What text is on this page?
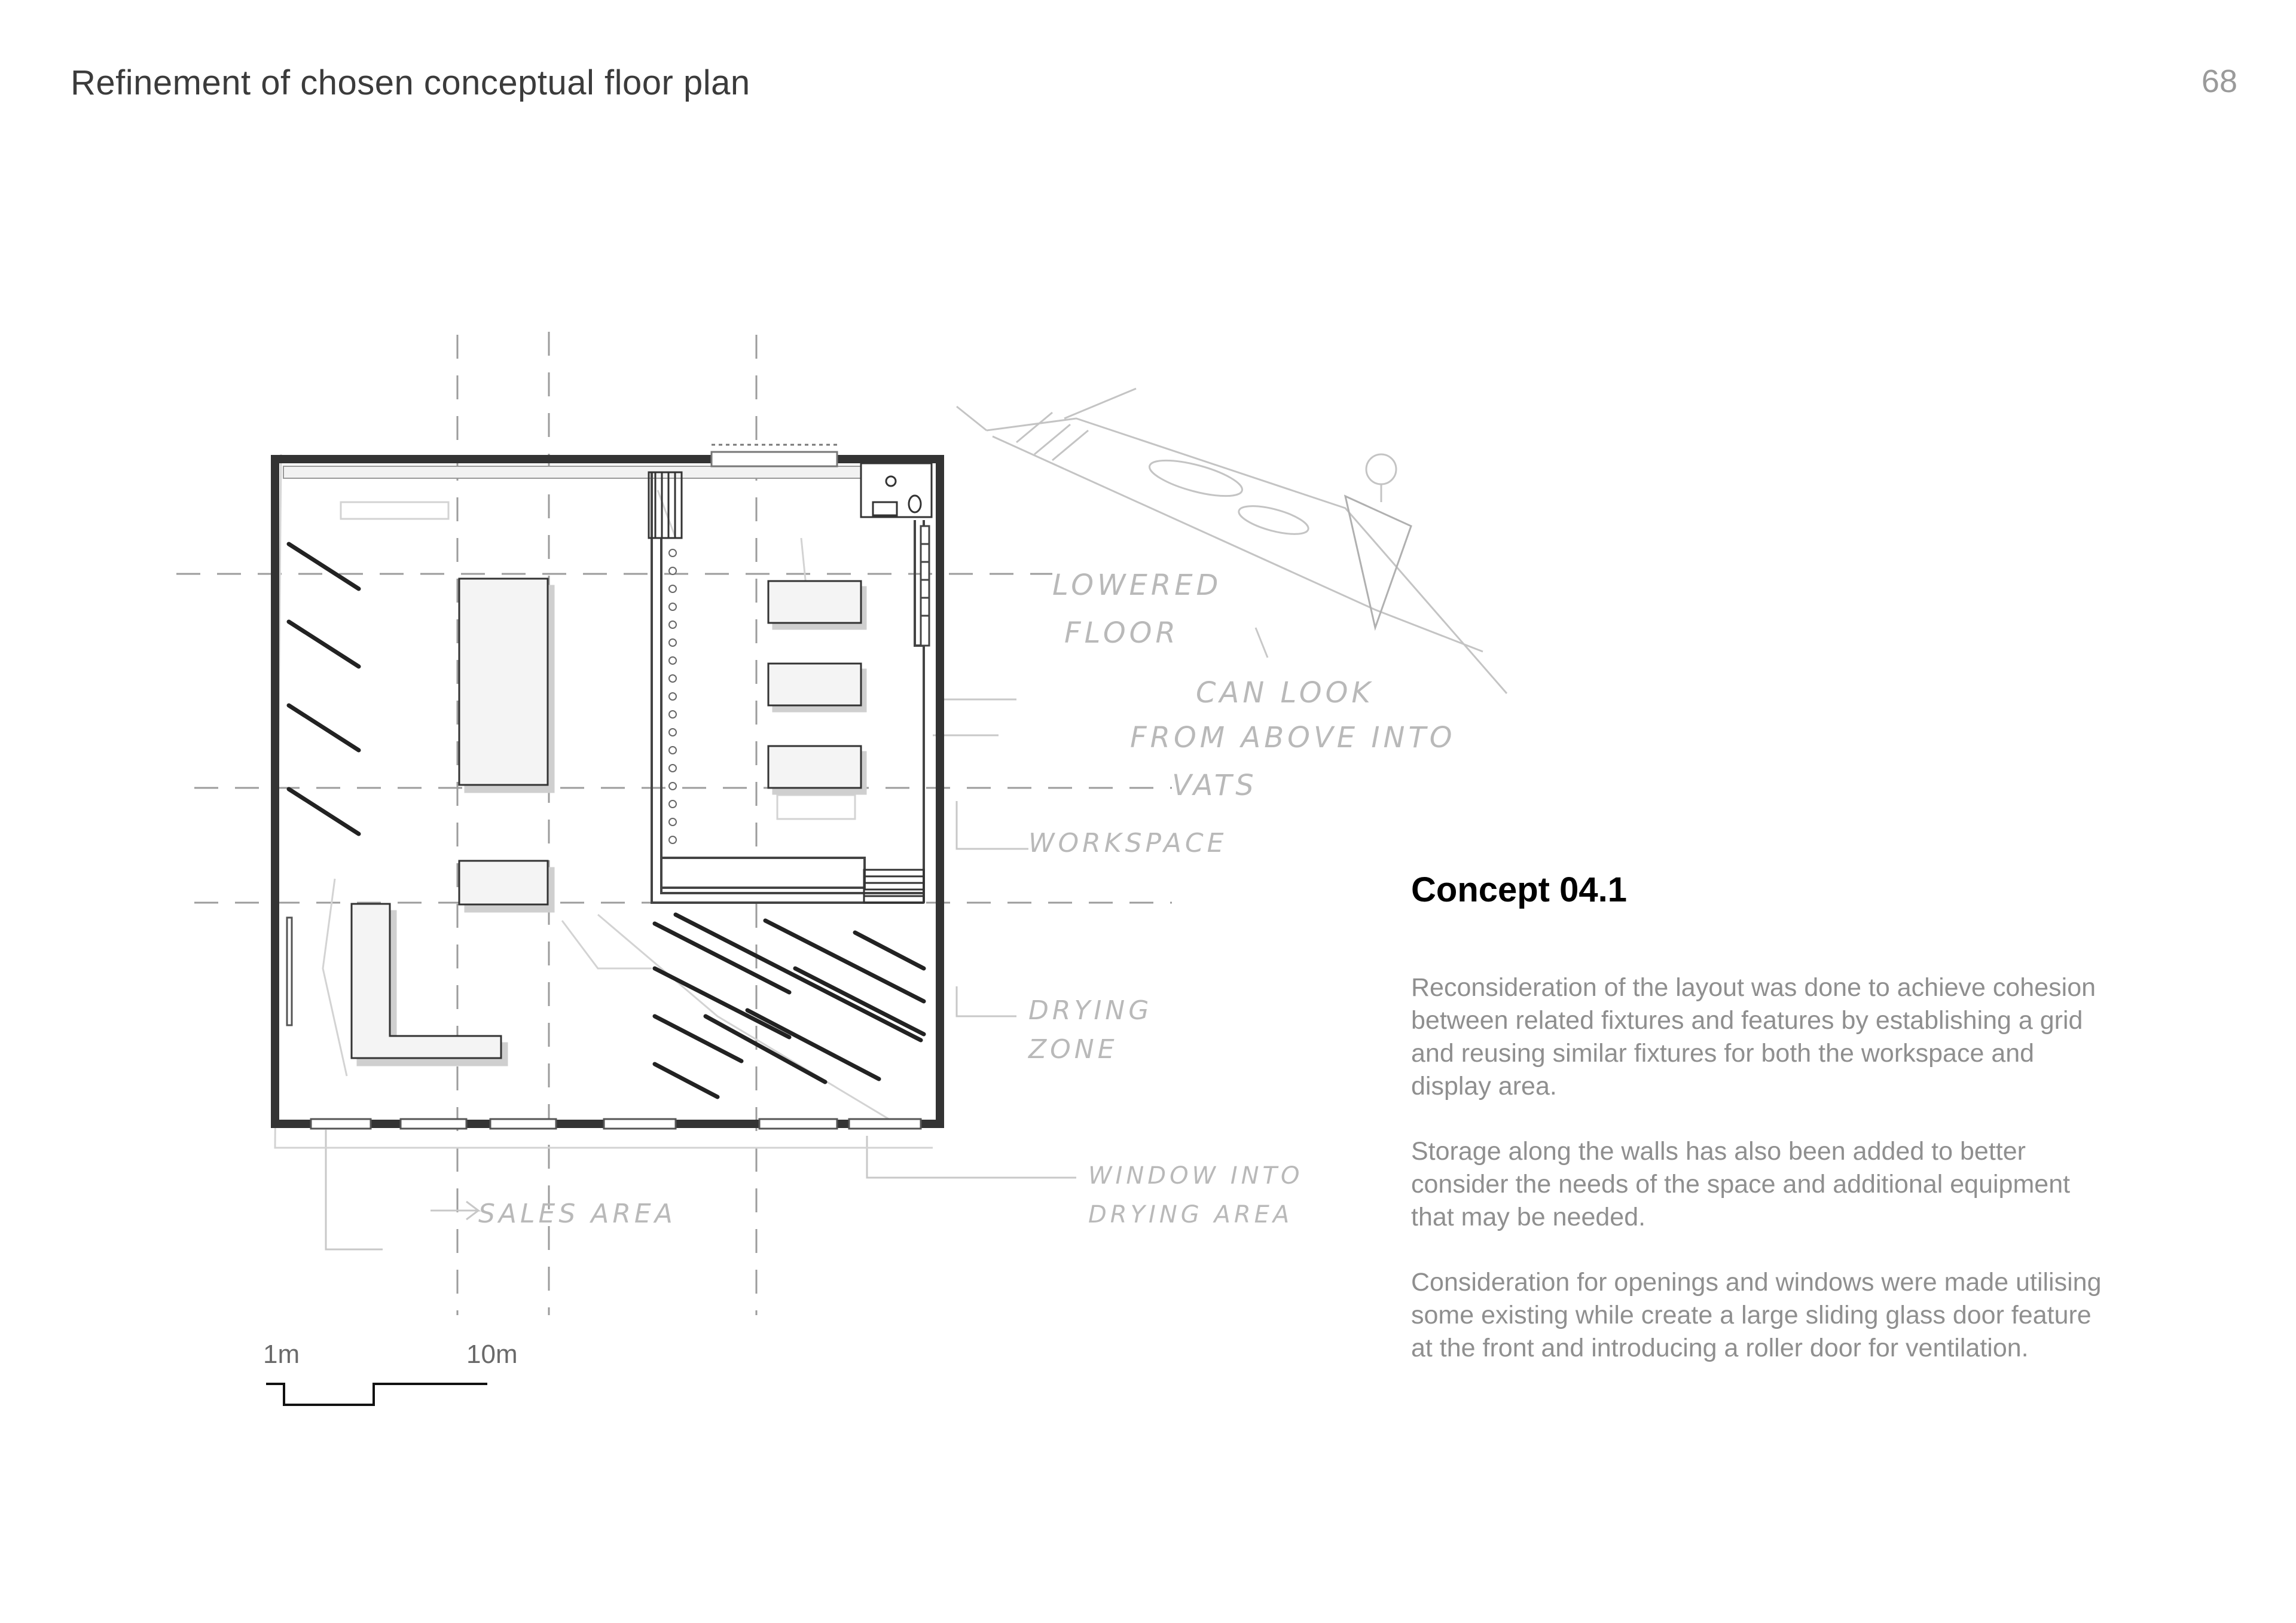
Refinement of chosen conceptual floor plan	68
LOWERED
FLOOR
CAN LOOK
FROM ABOVE INTO
VATS
WORKSPACE
DRYING
ZONE
WINDOW INTO
DRYING AREA
SALES AREA
1m	10m
Concept 04.1

Reconsideration of the layout was done to achieve cohesion between related fixtures and features by establishing a grid and reusing similar fixtures for both the workspace and display area.

Storage along the walls has also been added to better consider the needs of the space and additional equipment that may be needed.

Consideration for openings and windows were made utilising some existing while create a large sliding glass door feature at the front and introducing a roller door for ventilation.
